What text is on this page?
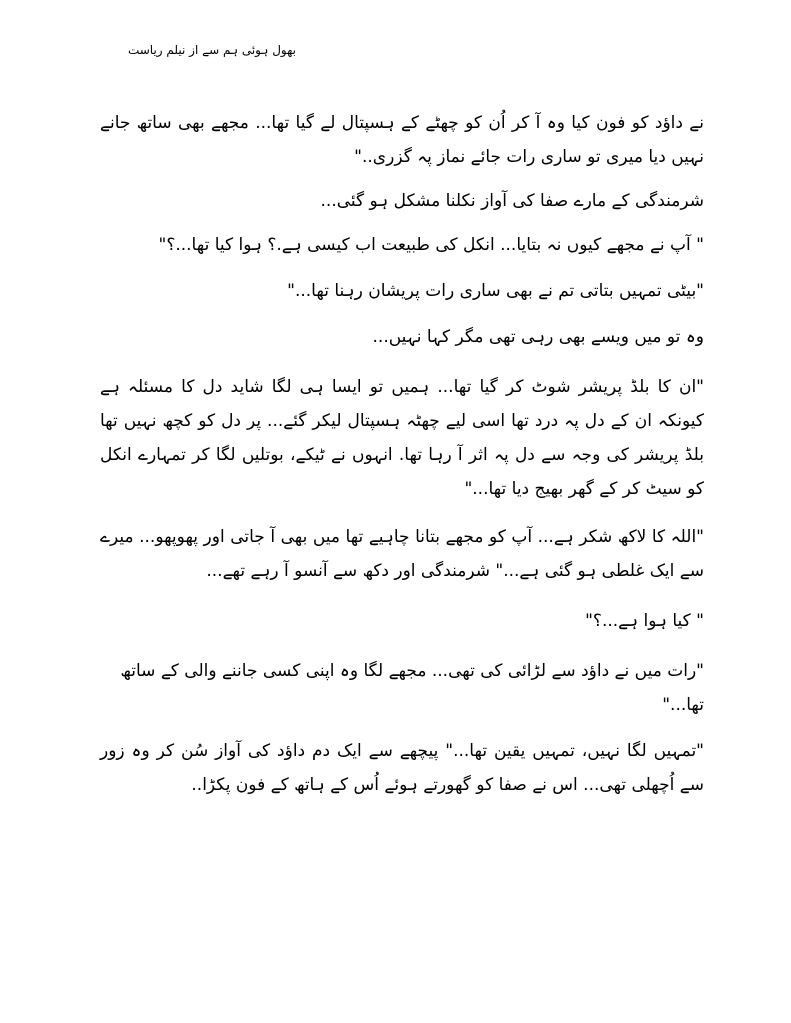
بھول ہوئی ہم سے از نیلم ریاست

نے داؤد کو فون کیا وہ آ کر اُن کو چھٹے کے ہسپتال لے گیا تھا... مجھے بھی ساتھ جانے نہیں دیا میری تو ساری رات جائے نماز پہ گزری.."

شرمندگی کے مارے صفا کی آواز نکلنا مشکل ہو گئی...

" آپ نے مجھے کیوں نہ بتایا... انکل کی طبیعت اب کیسی ہے.؟ ہوا کیا تھا...؟"

"بیٹی تمہیں بتاتی تم نے بھی ساری رات پریشان رہنا تھا..."

وہ تو میں ویسے بھی رہی تھی مگر کہا نہیں...

"ان کا بلڈ پریشر شوٹ کر گیا تھا... ہمیں تو ایسا ہی لگا شاید دل کا مسئلہ ہے کیونکہ ان کے دل پہ درد تھا اسی لیے چھٹہ ہسپتال لیکر گئے... پر دل کو کچھ نہیں تھا بلڈ پریشر کی وجہ سے دل پہ اثر آ رہا تھا. انہوں نے ٹیکے، بوتلیں لگا کر تمہارے انکل کو سیٹ کر کے گھر بھیج دیا تھا..."

"اللہ کا لاکھ شکر ہے... آپ کو مجھے بتانا چاہیے تھا میں بھی آ جاتی اور پھوپھو... میرے سے ایک غلطی ہو گئی ہے..." شرمندگی اور دکھ سے آنسو آ رہے تھے...

" کیا ہوا ہے...؟"

"رات میں نے داؤد سے لڑائی کی تھی... مجھے لگا وہ اپنی کسی جاننے والی کے ساتھ تھا..."

"تمہیں لگا نہیں، تمہیں یقین تھا..." پیچھے سے ایک دم داؤد کی آواز سُن کر وہ زور سے اُچھلی تھی... اس نے صفا کو گھورتے ہوئے اُس کے ہاتھ کے فون پکڑا..
